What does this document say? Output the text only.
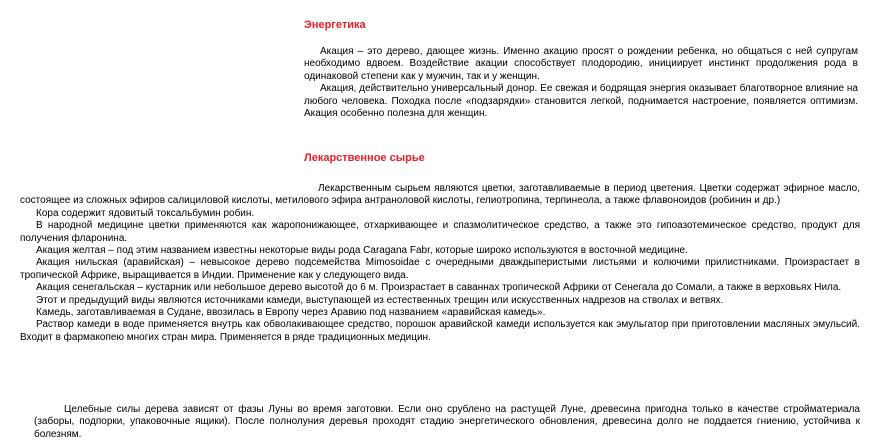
Энергетика

Акация – это дерево, дающее жизнь. Именно акацию просят о рождении ребенка, но общаться с ней супругам необходимо вдвоем. Воздействие акации способствует плодородию, инициирует инстинкт продолжения рода в одинаковой степени как у мужчин, так и у женщин.

Акация, действительно универсальный донор. Ее свежая и бодрящая энергия оказывает благотворное влияние на любого человека. Походка после «подзарядки» становится легкой, поднимается настроение, появляется оптимизм. Акация особенно полезна для женщин.

Лекарственное сырье

Лекарственным сырьем являются цветки, заготавливаемые в период цветения. Цветки содержат эфирное масло, состоящее из сложных эфиров салициловой кислоты, метилового эфира антраноловой кислоты, гелиотропина, терпинеола, а также флавоноидов (робинин и др.)

Кора содержит ядовитый токсальбумин робин.

В народной медицине цветки применяются как жаропонижающее, отхаркивающее и спазмолитическое средство, а также это гипоазотемическое средство, продукт для получения фларонина.

Акация желтая – под этим названием известны некоторые виды рода Caragana Fabr, которые широко используются в восточной медицине.

Акация нильская (аравийская) – невысокое дерево подсемейства Mimosoidae с очередными дваждыперистыми листьями и колючими прилистниками. Произрастает в тропической Африке, выращивается в Индии. Применение как у следующего вида.

Акация сенегальская – кустарник или небольшое дерево высотой до 6 м. Произрастает в саваннах тропической Африки от Сенегала до Сомали, а также в верховьях Нила.

Этот и предыдущий виды являются источниками камеди, выступающей из естественных трещин или искусственных надрезов на стволах и ветвях.

Камедь, заготавливаемая в Судане, ввозилась в Европу через Аравию под названием «аравийская камедь».

Раствор камеди в воде применяется внутрь как обволакивающее средство, порошок аравийской камеди используется как эмульгатор при приготовлении масляных эмульсий. Входит в фармакопею многих стран мира. Применяется в ряде традиционных медицин.

Целебные силы дерева зависят от фазы Луны во время заготовки. Если оно срублено на растущей Луне, древесина пригодна только в качестве стройматериала (заборы, подпорки, упаковочные ящики). После полнолуния деревья проходят стадию энергетического обновления, древесина долго не поддается гниению, устойчива к болезням.
